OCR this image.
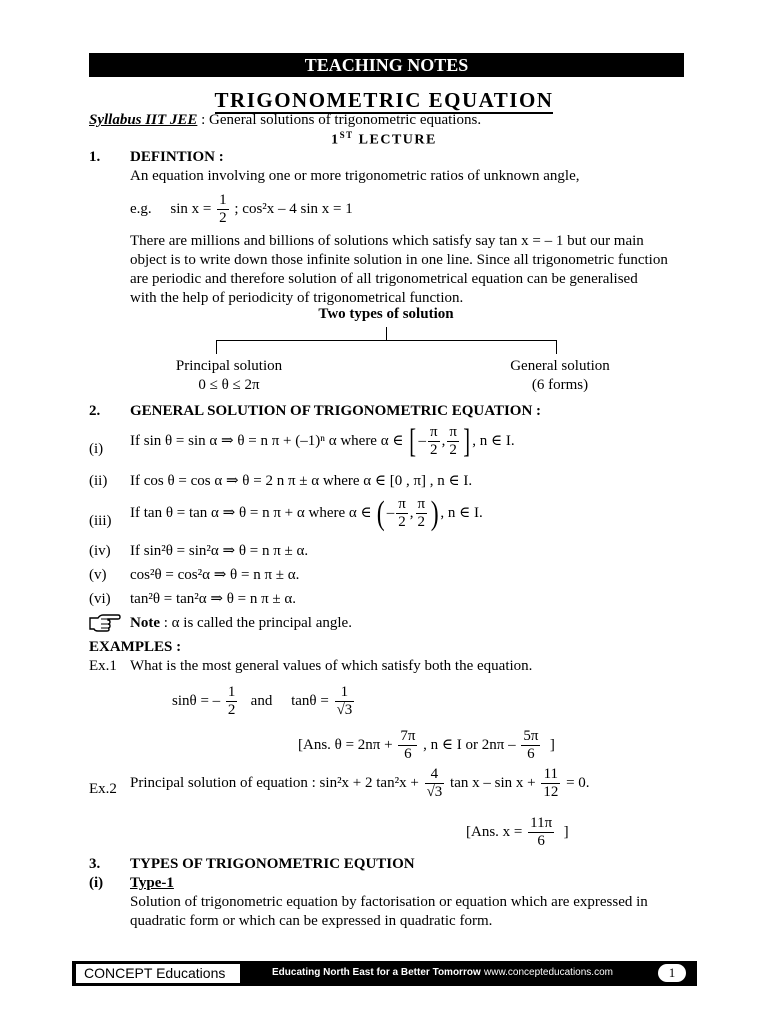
TEACHING NOTES
TRIGONOMETRIC EQUATION
Syllabus IIT JEE : General solutions of trigonometric equations.
1ST LECTURE
1. DEFINTION :
An equation involving one or more trigonometric ratios of unknown angle,
e.g. $\sin x = \frac{1}{2}$ ; cos²x – 4 sin x = 1
There are millions and billions of solutions which satisfy say tan x = – 1 but our main
object is to write down those infinite solution in one line. Since all trigonometric function
are periodic and therefore solution of all trigonometrical equation can be generalised
with the help of periodicity of trigonometrical function.
Two types of solution
Principal solution
0 ≤ θ ≤ 2π
General solution
(6 forms)
2. GENERAL SOLUTION OF TRIGONOMETRIC EQUATION :
(i)
If sin θ = sin α ⇒ θ = n π + (–1)ⁿ α where α ∈ [ – $\frac{\pi}{2}$ , $\frac{\pi}{2}$ ] , n ∈ I.
(ii) If cos θ = cos α ⇒ θ = 2 n π ± α where α ∈ [0 , π] , n ∈ I.
(iii)
If tan θ = tan α ⇒ θ = n π + α where α ∈ ( – $\frac{\pi}{2}$ , $\frac{\pi}{2}$ ) , n ∈ I.
(iv) If sin²θ = sin²α ⇒ θ = n π ± α.
(v) cos²θ = cos²α ⇒ θ = n π ± α.
(vi) tan²θ = tan²α ⇒ θ = n π ± α.
Note : α is called the principal angle.
EXAMPLES :
Ex.1 What is the most general values of which satisfy both the equation.
sinθ = – $\frac{1}{2}$ and $\tan\theta = \frac{1}{√3}$
[Ans. $\theta = 2n\pi + \frac{7\pi}{6}$ , n ∈ I or $2n\pi - \frac{5\pi}{6}$ ]
Ex.2 Principal solution of equation : sin²x + 2 $\tan^2x + \frac{4}{√3}$ $\tan x - \sin x + \frac{11}{12} = 0$.
[Ans. $x = \frac{11\pi}{6}$ ]
3. TYPES OF TRIGONOMETRIC EQUTION
(i) Type-1
Solution of trigonometric equation by factorisation or equation which are expressed in
quadratic form or which can be expressed in quadratic form.
CONCEPT Educations	Educating North East for a Better Tomorrow www.concepteducations.com	1
